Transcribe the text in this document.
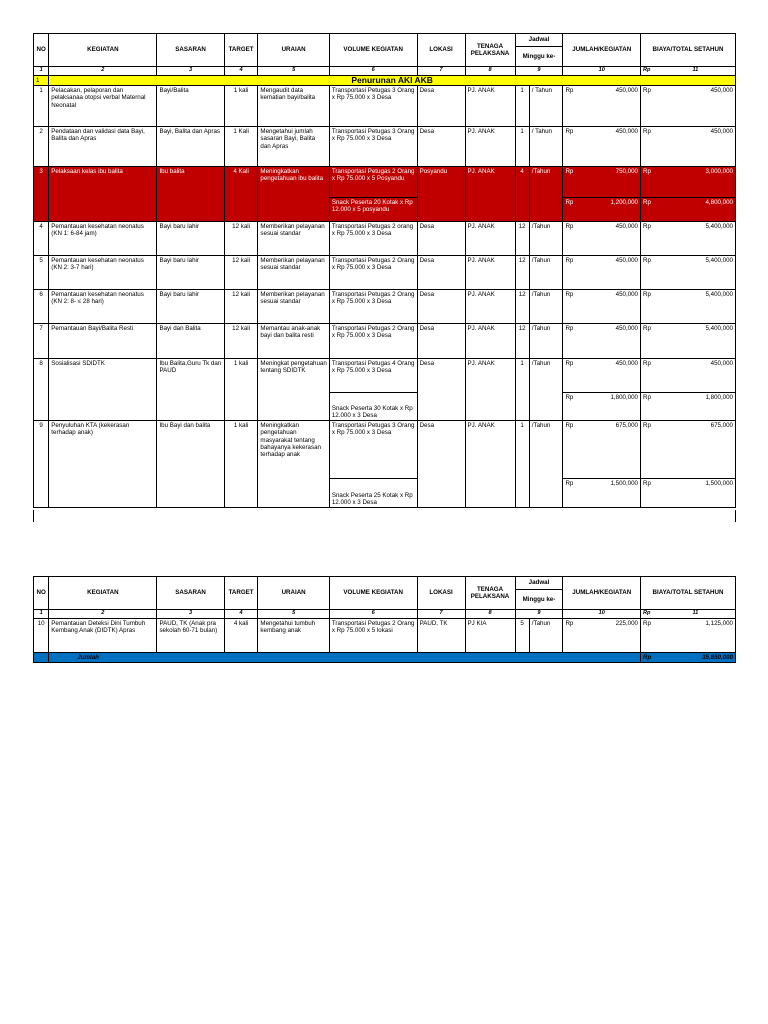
NO	KEGIATAN	SASARAN	TARGET	URAIAN	VOLUME KEGIATAN	LOKASI	TENAGA PELAKSANA	Jadwal		JUMLAH/KEGIATAN		BIAYA/TOTAL SETAHUN	
								Minggu ke-					
1	2	3	4	5	6	7	8	9		10		Rp	11
1	Penurunan AKI AKB												
1	Pelacakan, pelaporan dan pelaksanaa otopsi verbal Maternal Neonatal	Bayi/Balita	1 kali	Mengaudit data kematian bayi/balita	Transportasi Petugas 3 Orang x Rp 75.000 x 3 Desa	Desa	PJ. ANAK	1	/ Tahun	Rp	450,000	Rp	450,000
2	Pendataan dan validasi data Bayi, Balita dan Apras	Bayi, Balita dan Apras	1 Kali	Mengetahui jumlah sasaran Bayi, Balita dan Apras	Transportasi Petugas 3 Orang x Rp 75.000 x 3 Desa	Desa	PJ. ANAK	1	/ Tahun	Rp	450,000	Rp	450,000
3	Pelaksaan kelas ibu balita	Ibu balita	4 Kali	Meningkatkan pengetahuan ibu balita	Transportasi Petugas 2 Orang x Rp 75.000 x 5 Posyandu	Posyandu	PJ. ANAK	4	/Tahun	Rp	750,000	Rp	3,000,000
					Snack Peserta 20 Kotak x Rp 12.000 x 5 posyandu					Rp	1,200,000	Rp	4,800,000
4	Pemantauan kesehatan neonatus (KN 1: 6-84 jam)	Bayi baru lahir	12 kali	Memberikan pelayanan sesuai standar	Transportasi Petugas 2 orang x Rp 75.000 x 3 Desa	Desa	PJ. ANAK	12	/Tahun	Rp	450,000	Rp	5,400,000
5	Pemantauan kesehatan neonatus (KN 2: 3-7 hari)	Bayi baru lahir	12 kali	Memberikan pelayanan sesuai standar	Transportasi Petugas 2 Orang x Rp 75.000 x 3 Desa	Desa	PJ. ANAK	12	/Tahun	Rp	450,000	Rp	5,400,000
6	Pemantauan kesehatan neonatus (KN 2: 8- ≤ 28 hari)	Bayi baru lahir	12 kali	Memberikan pelayanan sesuai standar	Transportasi Petugas 2 Orang x Rp 75.000 x 3 Desa	Desa	PJ. ANAK	12	/Tahun	Rp	450,000	Rp	5,400,000
7	Pemantauan Bayi/Balita Resti	Bayi dan Balita	12 kali	Memantau anak-anak bayi dan balita resti	Transportasi Petugas 2 Orang x Rp 75.000 x 3 Desa	Desa	PJ. ANAK	12	/Tahun	Rp	450,000	Rp	5,400,000
8	Sosialisasi SDIDTK	Ibu Balita,Guru Tk dan PAUD	1 kali	Meningkat pengetahuan tentang SDIDTK	Transportasi Petugas 4 Orang x Rp 75.000 x 3 Desa	Desa	PJ. ANAK	1	/Tahun	Rp	450,000	Rp	450,000
					Snack Peserta 30 Kotak x Rp 12.000 x 3 Desa					Rp	1,800,000	Rp	1,800,000
9	Penyuluhan KTA (kekerasan terhadap anak)	Ibu Bayi dan balita	1 kali	Meningkatkan pengetahuan masyarakat tentang bahayanya kekerasan terhadap anak	Transportasi Petugas 3 Orang x Rp 75.000 x 3 Desa	Desa	PJ. ANAK	1	/Tahun	Rp	675,000	Rp	675,000
					Snack Peserta 25 Kotak x Rp 12.000 x 3 Desa					Rp	1,500,000	Rp	1,500,000
NO	KEGIATAN	SASARAN	TARGET	URAIAN	VOLUME KEGIATAN	LOKASI	TENAGA PELAKSANA	Jadwal		JUMLAH/KEGIATAN		BIAYA/TOTAL SETAHUN	
								Minggu ke-					
1	2	3	4	5	6	7	8	9		10		Rp	11
10	Pemantauan Deteksi Dini Tumbuh Kembang Anak (DIDTK) Apras	PAUD, TK (Anak pra sekolah 60-71 bulan)	4 kali	Mengetahui tumbuh kembang anak	Transportasi Petugas 2 Orang x Rp 75.000 x 5 lokasi	PAUD, TK	PJ KIA	5	/Tahun	Rp	225,000	Rp	1,125,000
	Jumlah											Rp	35,850,000
